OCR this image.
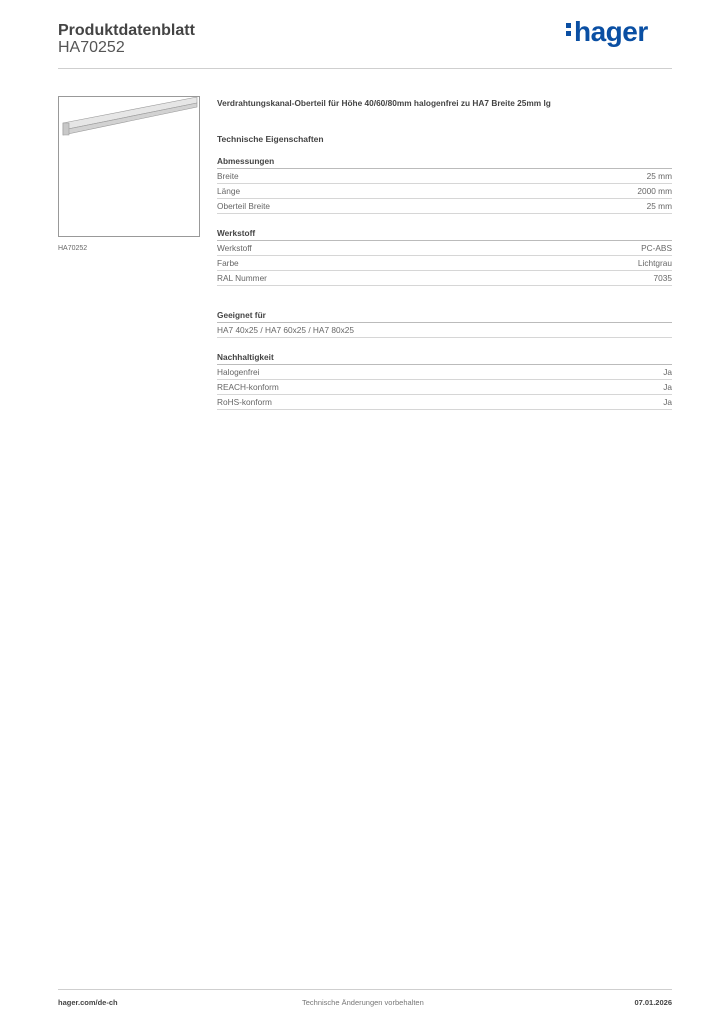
Produktdatenblatt
HA70252
hager
HA70252
Verdrahtungskanal-Oberteil für Höhe 40/60/80mm halogenfrei zu HA7 Breite 25mm lg
Technische Eigenschaften
Abmessungen
Breite	25 mm
Länge	2000 mm
Oberteil Breite	25 mm
Werkstoff
Werkstoff	PC-ABS
Farbe	Lichtgrau
RAL Nummer	7035
Geeignet für
HA7 40x25 / HA7 60x25 / HA7 80x25
Nachhaltigkeit
Halogenfrei	Ja
REACH-konform	Ja
RoHS-konform	Ja
hager.com/de-ch	Technische Änderungen vorbehalten	07.01.2026
